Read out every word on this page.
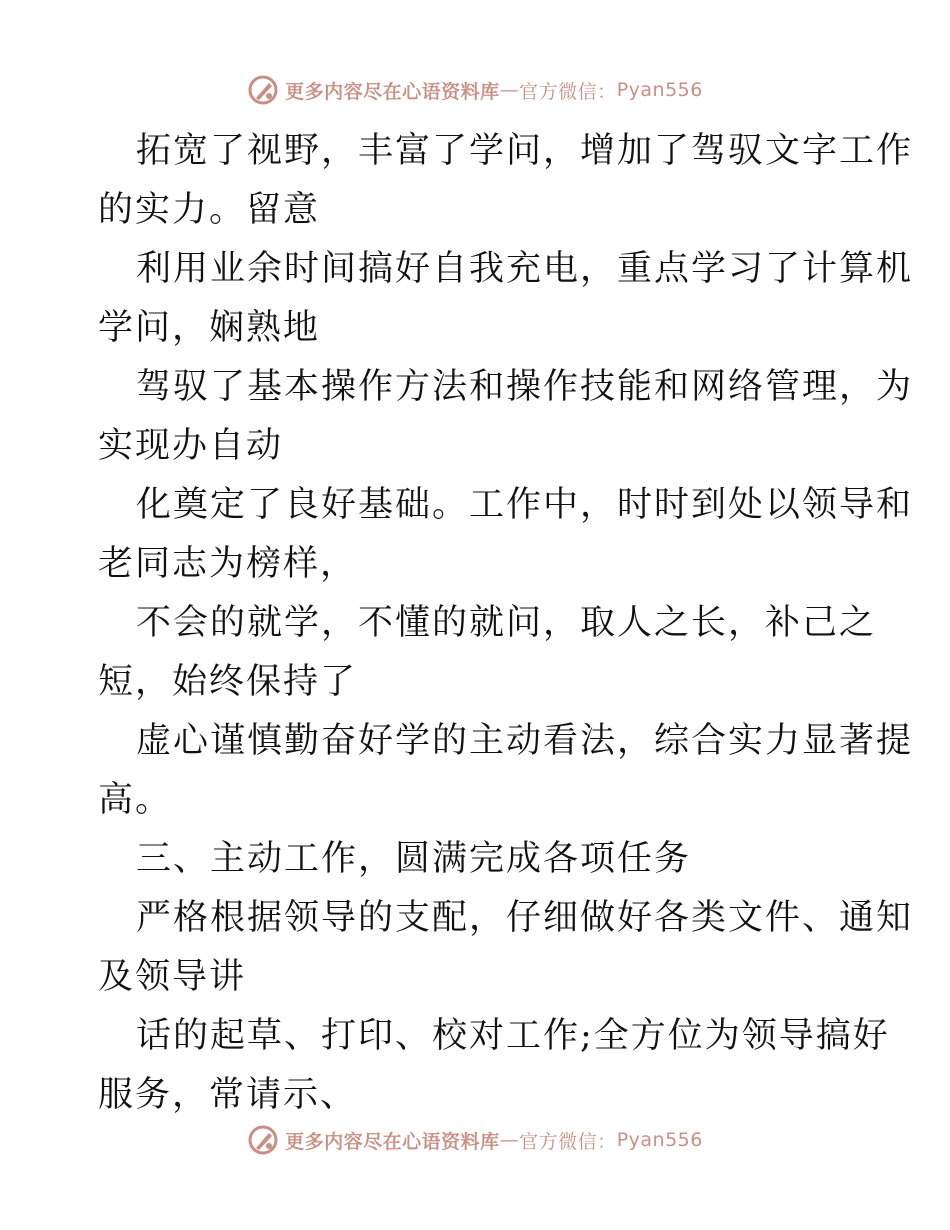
更多内容尽在心语资料库 — 官方微信： Pyan556
拓宽了视野，丰富了学问，增加了驾驭文字工作
的实力。留意
利用业余时间搞好自我充电，重点学习了计算机
学问，娴熟地
驾驭了基本操作方法和操作技能和网络管理，为
实现办自动
化奠定了良好基础。工作中，时时到处以领导和
老同志为榜样，
不会的就学，不懂的就问，取人之长，补己之
短，始终保持了
虚心谨慎勤奋好学的主动看法，综合实力显著提
高。
三、主动工作，圆满完成各项任务
严格根据领导的支配，仔细做好各类文件、通知
及领导讲
话的起草、打印、校对工作;全方位为领导搞好
服务，常请示、
更多内容尽在心语资料库 — 官方微信： Pyan556
